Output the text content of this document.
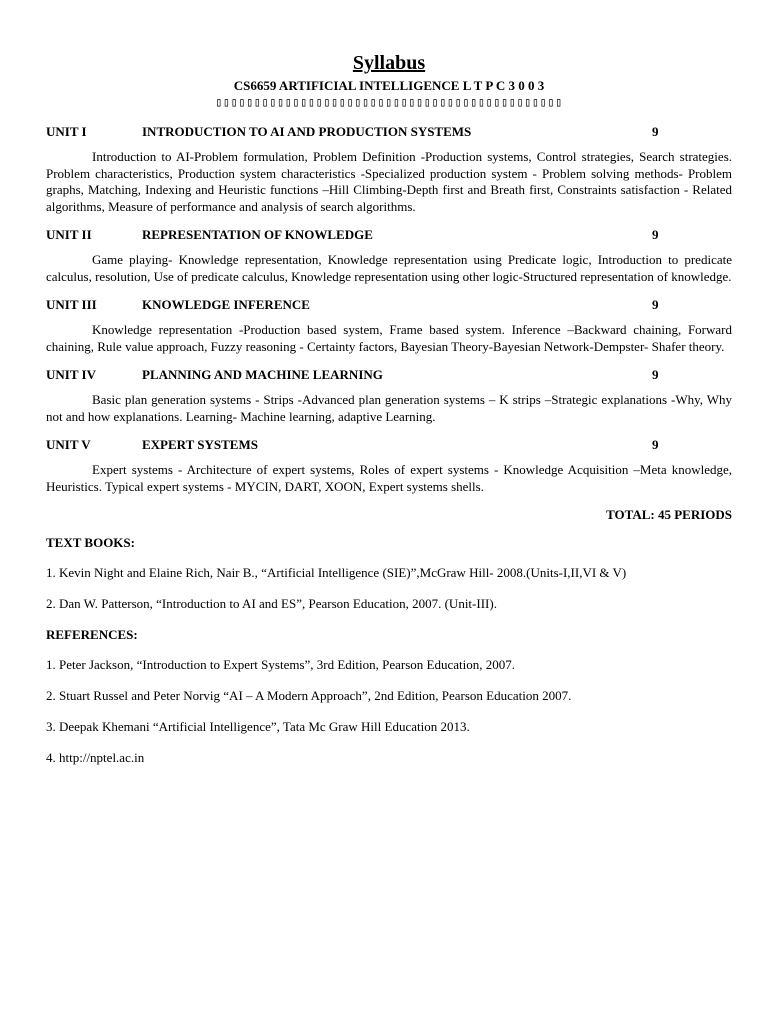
Syllabus
CS6659 ARTIFICIAL INTELLIGENCE L T P C 3 0 0 3
▯▯▯▯▯▯▯▯▯▯▯▯▯▯▯▯▯▯▯▯▯▯▯▯▯▯▯▯▯▯▯▯▯▯▯▯▯▯▯▯▯▯▯▯▯
UNIT I	INTRODUCTION TO AI AND PRODUCTION SYSTEMS	9

Introduction to AI-Problem formulation, Problem Definition -Production systems, Control strategies, Search strategies. Problem characteristics, Production system characteristics -Specialized production system - Problem solving methods- Problem graphs, Matching, Indexing and Heuristic functions –Hill Climbing-Depth first and Breath first, Constraints satisfaction - Related algorithms, Measure of performance and analysis of search algorithms.

UNIT II	REPRESENTATION OF KNOWLEDGE	9

Game playing- Knowledge representation, Knowledge representation using Predicate logic, Introduction to predicate calculus, resolution, Use of predicate calculus, Knowledge representation using other logic-Structured representation of knowledge.

UNIT III	KNOWLEDGE INFERENCE	9

Knowledge representation -Production based system, Frame based system. Inference –Backward chaining, Forward chaining, Rule value approach, Fuzzy reasoning - Certainty factors, Bayesian Theory-Bayesian Network-Dempster- Shafer theory.

UNIT IV	PLANNING AND MACHINE LEARNING	9

Basic plan generation systems - Strips -Advanced plan generation systems – K strips –Strategic explanations -Why, Why not and how explanations. Learning- Machine learning, adaptive Learning.

UNIT V	EXPERT SYSTEMS	9

Expert systems - Architecture of expert systems, Roles of expert systems - Knowledge Acquisition –Meta knowledge, Heuristics. Typical expert systems - MYCIN, DART, XOON, Expert systems shells.

TOTAL: 45 PERIODS
TEXT BOOKS:
1. Kevin Night and Elaine Rich, Nair B., “Artificial Intelligence (SIE)”,McGraw Hill- 2008.(Units-I,II,VI & V)
2. Dan W. Patterson, “Introduction to AI and ES”, Pearson Education, 2007. (Unit-III).
REFERENCES:
1. Peter Jackson, “Introduction to Expert Systems”, 3rd Edition, Pearson Education, 2007.
2. Stuart Russel and Peter Norvig “AI – A Modern Approach”, 2nd Edition, Pearson Education 2007.
3. Deepak Khemani “Artificial Intelligence”, Tata Mc Graw Hill Education 2013.
4. http://nptel.ac.in
